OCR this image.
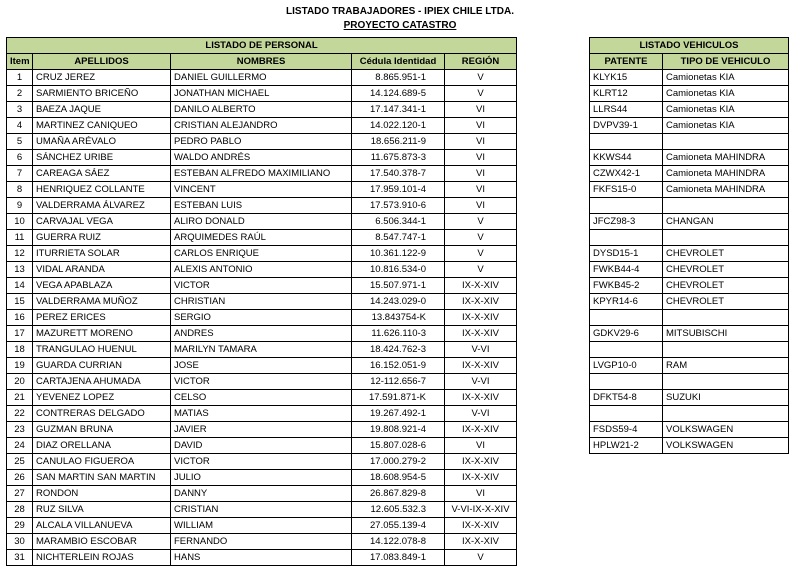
LISTADO TRABAJADORES - IPIEX CHILE LTDA.
PROYECTO CATASTRO
LISTADO DE PERSONAL				
Item	APELLIDOS	NOMBRES	Cédula Identidad	REGIÓN
1	CRUZ JEREZ	DANIEL GUILLERMO	8.865.951-1	V
2	SARMIENTO BRICEÑO	JONATHAN MICHAEL	14.124.689-5	V
3	BAEZA JAQUE	DANILO ALBERTO	17.147.341-1	VI
4	MARTINEZ CANIQUEO	CRISTIAN ALEJANDRO	14.022.120-1	VI
5	UMAÑA ARÉVALO	PEDRO PABLO	18.656.211-9	VI
6	SÁNCHEZ URIBE	WALDO ANDRÉS	11.675.873-3	VI
7	CAREAGA SÁEZ	ESTEBAN ALFREDO MAXIMILIANO	17.540.378-7	VI
8	HENRIQUEZ COLLANTE	VINCENT	17.959.101-4	VI
9	VALDERRAMA ÁLVAREZ	ESTEBAN LUIS	17.573.910-6	VI
10	CARVAJAL VEGA	ALIRO DONALD	6.506.344-1	V
11	GUERRA RUIZ	ARQUIMEDES RAÚL	8.547.747-1	V
12	ITURRIETA SOLAR	CARLOS ENRIQUE	10.361.122-9	V
13	VIDAL ARANDA	ALEXIS ANTONIO	10.816.534-0	V
14	VEGA APABLAZA	VICTOR	15.507.971-1	IX-X-XIV
15	VALDERRAMA MUÑOZ	CHRISTIAN	14.243.029-0	IX-X-XIV
16	PEREZ ERICES	SERGIO	13.843754-K	IX-X-XIV
17	MAZURETT MORENO	ANDRES	11.626.110-3	IX-X-XIV
18	TRANGULAO HUENUL	MARILYN TAMARA	18.424.762-3	V-VI
19	GUARDA CURRIAN	JOSE	16.152.051-9	IX-X-XIV
20	CARTAJENA AHUMADA	VICTOR	12-112.656-7	V-VI
21	YEVENEZ LOPEZ	CELSO	17.591.871-K	IX-X-XIV
22	CONTRERAS DELGADO	MATIAS	19.267.492-1	V-VI
23	GUZMAN BRUNA	JAVIER	19.808.921-4	IX-X-XIV
24	DIAZ ORELLANA	DAVID	15.807.028-6	VI
25	CANULAO FIGUEROA	VICTOR	17.000.279-2	IX-X-XIV
26	SAN MARTIN SAN MARTIN	JULIO	18.608.954-5	IX-X-XIV
27	RONDON	DANNY	26.867.829-8	VI
28	RUZ SILVA	CRISTIAN	12.605.532.3	V-VI-IX-X-XIV
29	ALCALA VILLANUEVA	WILLIAM	27.055.139-4	IX-X-XIV
30	MARAMBIO ESCOBAR	FERNANDO	14.122.078-8	IX-X-XIV
31	NICHTERLEIN ROJAS	HANS	17.083.849-1	V
LISTADO VEHICULOS	
PATENTE	TIPO DE VEHICULO
KLYK15	Camionetas KIA
KLRT12	Camionetas KIA
LLRS44	Camionetas KIA
DVPV39-1	Camionetas KIA

KKWS44	Camioneta MAHINDRA
CZWX42-1	Camioneta MAHINDRA
FKFS15-0	Camioneta MAHINDRA

JFCZ98-3	CHANGAN

DYSD15-1	CHEVROLET
FWKB44-4	CHEVROLET
FWKB45-2	CHEVROLET
KPYR14-6	CHEVROLET

GDKV29-6	MITSUBISCHI

LVGP10-0	RAM

DFKT54-8	SUZUKI

FSDS59-4	VOLKSWAGEN
HPLW21-2	VOLKSWAGEN
